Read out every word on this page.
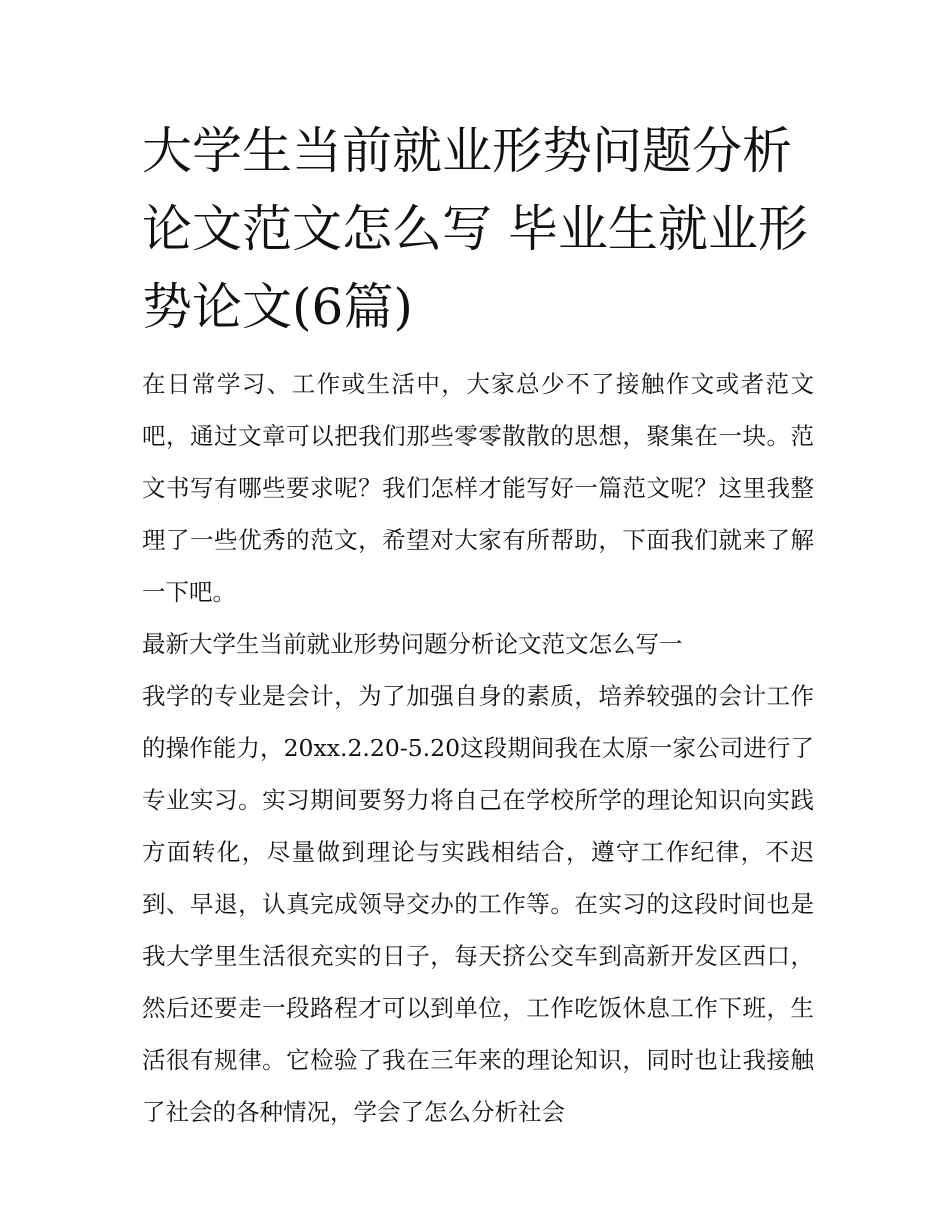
大学生当前就业形势问题分析论文范文怎么写 毕业生就业形势论文(6篇)

在日常学习、工作或生活中，大家总少不了接触作文或者范文吧，通过文章可以把我们那些零零散散的思想，聚集在一块。范文书写有哪些要求呢？我们怎样才能写好一篇范文呢？这里我整理了一些优秀的范文，希望对大家有所帮助，下面我们就来了解一下吧。

最新大学生当前就业形势问题分析论文范文怎么写一

我学的专业是会计，为了加强自身的素质，培养较强的会计工作的操作能力，20xx.2.20-5.20这段期间我在太原一家公司进行了专业实习。实习期间要努力将自己在学校所学的理论知识向实践方面转化，尽量做到理论与实践相结合，遵守工作纪律，不迟到、早退，认真完成领导交办的工作等。在实习的这段时间也是我大学里生活很充实的日子，每天挤公交车到高新开发区西口，然后还要走一段路程才可以到单位，工作吃饭休息工作下班，生活很有规律。它检验了我在三年来的理论知识，同时也让我接触了社会的各种情况，学会了怎么分析社会
